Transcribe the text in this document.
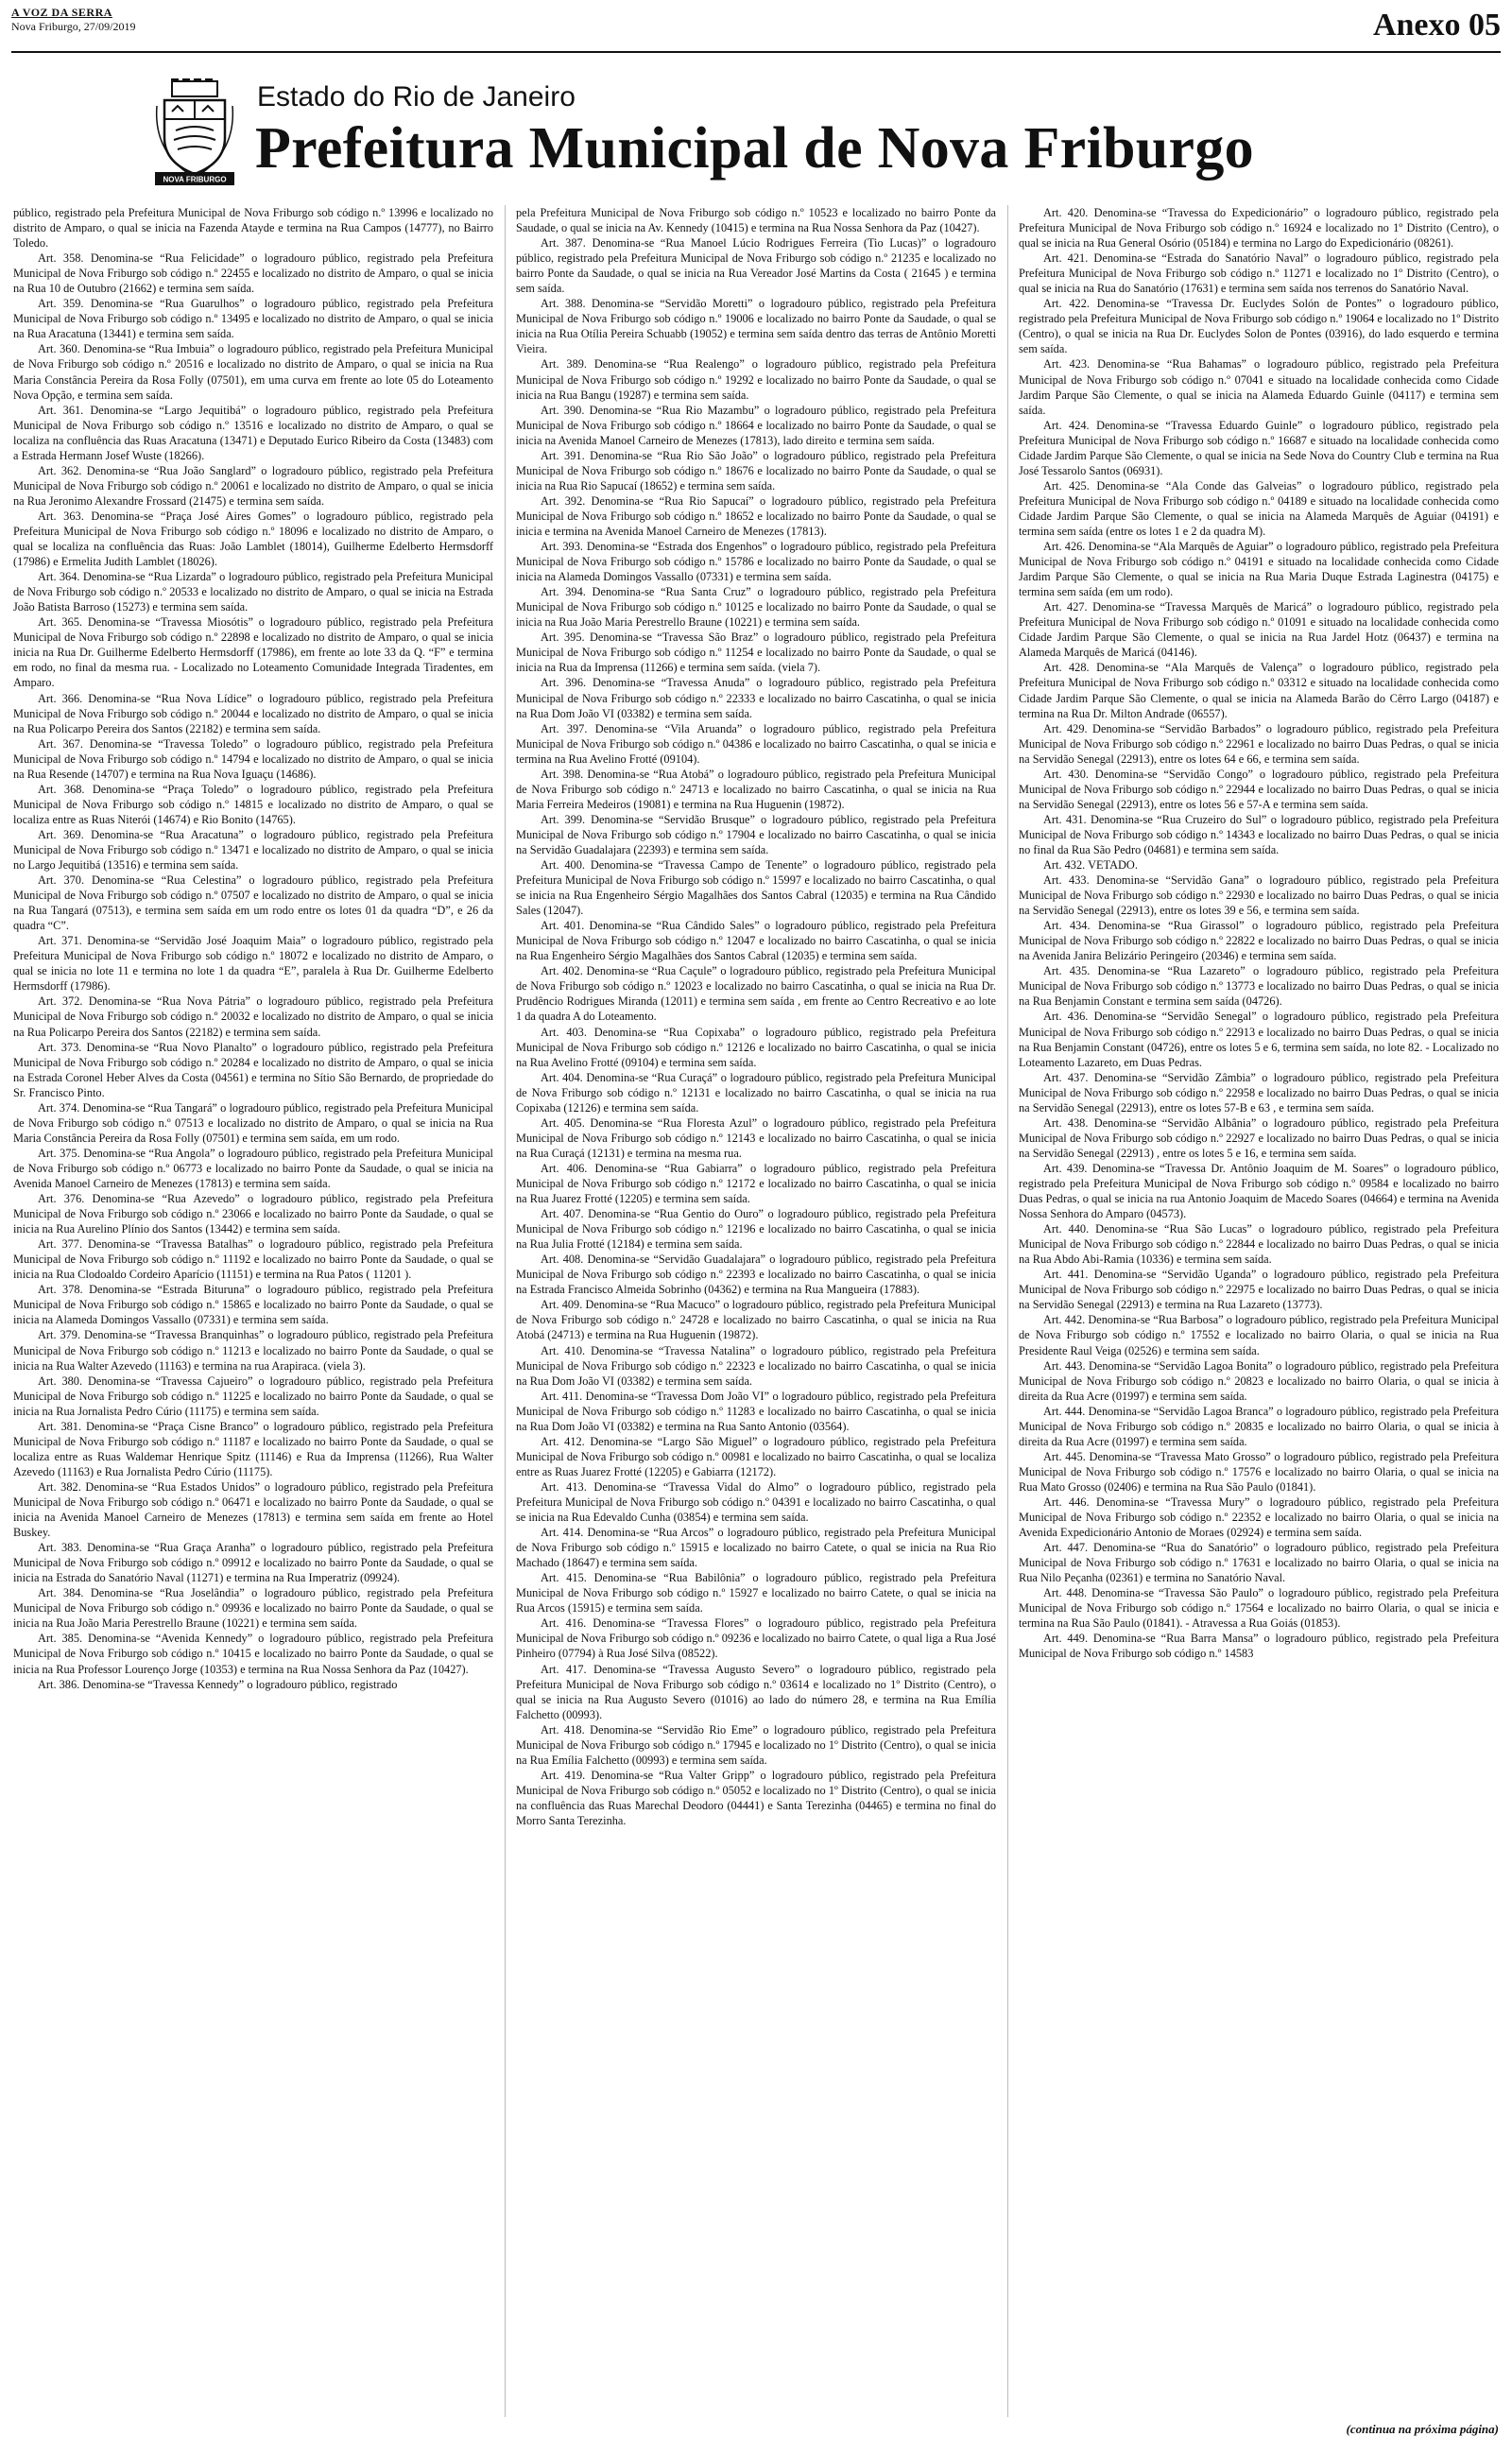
A VOZ DA SERRA
Nova Friburgo, 27/09/2019	Anexo 05
NOVA FRIBURGO
Estado do Rio de Janeiro
Prefeitura Municipal de Nova Friburgo

público, registrado pela Prefeitura Municipal de Nova Friburgo sob código n.º 13996 e localizado no distrito de Amparo, o qual se inicia na Fazenda Atayde e termina na Rua Campos (14777), no Bairro Toledo.

Art. 358. Denomina-se “Rua Felicidade” o logradouro público, registrado pela Prefeitura Municipal de Nova Friburgo sob código n.º 22455 e localizado no distrito de Amparo, o qual se inicia na Rua 10 de Outubro (21662) e termina sem saída.

Art. 359. Denomina-se “Rua Guarulhos” o logradouro público, registrado pela Prefeitura Municipal de Nova Friburgo sob código n.º 13495 e localizado no distrito de Amparo, o qual se inicia na Rua Aracatuna (13441) e termina sem saída.

Art. 360. Denomina-se “Rua Imbuia” o logradouro público, registrado pela Prefeitura Municipal de Nova Friburgo sob código n.º 20516 e localizado no distrito de Amparo, o qual se inicia na Rua Maria Constância Pereira da Rosa Folly (07501), em uma curva em frente ao lote 05 do Loteamento Nova Opção, e termina sem saída.

Art. 361. Denomina-se “Largo Jequitibá” o logradouro público, registrado pela Prefeitura Municipal de Nova Friburgo sob código n.º 13516 e localizado no distrito de Amparo, o qual se localiza na confluência das Ruas Aracatuna (13471) e Deputado Eurico Ribeiro da Costa (13483) com a Estrada Hermann Josef Wuste (18266).

Art. 362. Denomina-se “Rua João Sanglard” o logradouro público, registrado pela Prefeitura Municipal de Nova Friburgo sob código n.º 20061 e localizado no distrito de Amparo, o qual se inicia na Rua Jeronimo Alexandre Frossard (21475) e termina sem saída.

Art. 363. Denomina-se “Praça José Aires Gomes” o logradouro público, registrado pela Prefeitura Municipal de Nova Friburgo sob código n.º 18096 e localizado no distrito de Amparo, o qual se localiza na confluência das Ruas: João Lamblet (18014), Guilherme Edelberto Hermsdorff (17986) e Ermelita Judith Lamblet (18026).

Art. 364. Denomina-se “Rua Lizarda” o logradouro público, registrado pela Prefeitura Municipal de Nova Friburgo sob código n.º 20533 e localizado no distrito de Amparo, o qual se inicia na Estrada João Batista Barroso (15273) e termina sem saída.

Art. 365. Denomina-se “Travessa Miosótis” o logradouro público, registrado pela Prefeitura Municipal de Nova Friburgo sob código n.º 22898 e localizado no distrito de Amparo, o qual se inicia inicia na Rua Dr. Guilherme Edelberto Hermsdorff (17986), em frente ao lote 33 da Q. “F” e termina em rodo, no final da mesma rua. - Localizado no Loteamento Comunidade Integrada Tiradentes, em Amparo.

Art. 366. Denomina-se “Rua Nova Lídice” o logradouro público, registrado pela Prefeitura Municipal de Nova Friburgo sob código n.º 20044 e localizado no distrito de Amparo, o qual se inicia na Rua Policarpo Pereira dos Santos (22182) e termina sem saída.

Art. 367. Denomina-se “Travessa Toledo” o logradouro público, registrado pela Prefeitura Municipal de Nova Friburgo sob código n.º 14794 e localizado no distrito de Amparo, o qual se inicia na Rua Resende (14707) e termina na Rua Nova Iguaçu (14686).

Art. 368. Denomina-se “Praça Toledo” o logradouro público, registrado pela Prefeitura Municipal de Nova Friburgo sob código n.º 14815 e localizado no distrito de Amparo, o qual se localiza entre as Ruas Niterói (14674) e Rio Bonito (14765).

Art. 369. Denomina-se “Rua Aracatuna” o logradouro público, registrado pela Prefeitura Municipal de Nova Friburgo sob código n.º 13471 e localizado no distrito de Amparo, o qual se inicia no Largo Jequitibá (13516) e termina sem saída.

Art. 370. Denomina-se “Rua Celestina” o logradouro público, registrado pela Prefeitura Municipal de Nova Friburgo sob código n.º 07507 e localizado no distrito de Amparo, o qual se inicia na Rua Tangará (07513), e termina sem saída em um rodo entre os lotes 01 da quadra “D”, e 26 da quadra “C”.

Art. 371. Denomina-se “Servidão José Joaquim Maia” o logradouro público, registrado pela Prefeitura Municipal de Nova Friburgo sob código n.º 18072 e localizado no distrito de Amparo, o qual se inicia no lote 11 e termina no lote 1 da quadra “E”, paralela à Rua Dr. Guilherme Edelberto Hermsdorff (17986).

Art. 372. Denomina-se “Rua Nova Pátria” o logradouro público, registrado pela Prefeitura Municipal de Nova Friburgo sob código n.º 20032 e localizado no distrito de Amparo, o qual se inicia na Rua Policarpo Pereira dos Santos (22182) e termina sem saída.

Art. 373. Denomina-se “Rua Novo Planalto” o logradouro público, registrado pela Prefeitura Municipal de Nova Friburgo sob código n.º 20284 e localizado no distrito de Amparo, o qual se inicia na Estrada Coronel Heber Alves da Costa (04561) e termina no Sítio São Bernardo, de propriedade do Sr. Francisco Pinto.

Art. 374. Denomina-se “Rua Tangará” o logradouro público, registrado pela Prefeitura Municipal de Nova Friburgo sob código n.º 07513 e localizado no distrito de Amparo, o qual se inicia na Rua Maria Constância Pereira da Rosa Folly (07501) e termina sem saída, em um rodo.

Art. 375. Denomina-se “Rua Angola” o logradouro público, registrado pela Prefeitura Municipal de Nova Friburgo sob código n.º 06773 e localizado no bairro Ponte da Saudade, o qual se inicia na Avenida Manoel Carneiro de Menezes (17813) e termina sem saída.

Art. 376. Denomina-se “Rua Azevedo” o logradouro público, registrado pela Prefeitura Municipal de Nova Friburgo sob código n.º 23066 e localizado no bairro Ponte da Saudade, o qual se inicia na Rua Aurelino Plínio dos Santos (13442) e termina sem saída.

Art. 377. Denomina-se “Travessa Batalhas” o logradouro público, registrado pela Prefeitura Municipal de Nova Friburgo sob código n.º 11192 e localizado no bairro Ponte da Saudade, o qual se inicia na Rua Clodoaldo Cordeiro Aparício (11151) e termina na Rua Patos ( 11201 ).

Art. 378. Denomina-se “Estrada Bituruna” o logradouro público, registrado pela Prefeitura Municipal de Nova Friburgo sob código n.º 15865 e localizado no bairro Ponte da Saudade, o qual se inicia na Alameda Domingos Vassallo (07331) e termina sem saída.

Art. 379. Denomina-se “Travessa Branquinhas” o logradouro público, registrado pela Prefeitura Municipal de Nova Friburgo sob código n.º 11213 e localizado no bairro Ponte da Saudade, o qual se inicia na Rua Walter Azevedo (11163) e termina na rua Arapiraca. (viela 3).

Art. 380. Denomina-se “Travessa Cajueiro” o logradouro público, registrado pela Prefeitura Municipal de Nova Friburgo sob código n.º 11225 e localizado no bairro Ponte da Saudade, o qual se inicia na Rua Jornalista Pedro Cúrio (11175) e termina sem saída.

Art. 381. Denomina-se “Praça Cisne Branco” o logradouro público, registrado pela Prefeitura Municipal de Nova Friburgo sob código n.º 11187 e localizado no bairro Ponte da Saudade, o qual se localiza entre as Ruas Waldemar Henrique Spitz (11146) e Rua da Imprensa (11266), Rua Walter Azevedo (11163) e Rua Jornalista Pedro Cúrio (11175).

Art. 382. Denomina-se “Rua Estados Unidos” o logradouro público, registrado pela Prefeitura Municipal de Nova Friburgo sob código n.º 06471 e localizado no bairro Ponte da Saudade, o qual se inicia na Avenida Manoel Carneiro de Menezes (17813) e termina sem saída em frente ao Hotel Buskey.

Art. 383. Denomina-se “Rua Graça Aranha” o logradouro público, registrado pela Prefeitura Municipal de Nova Friburgo sob código n.º 09912 e localizado no bairro Ponte da Saudade, o qual se inicia na Estrada do Sanatório Naval (11271) e termina na Rua Imperatriz (09924).

Art. 384. Denomina-se “Rua Joselândia” o logradouro público, registrado pela Prefeitura Municipal de Nova Friburgo sob código n.º 09936 e localizado no bairro Ponte da Saudade, o qual se inicia na Rua João Maria Perestrello Braune (10221) e termina sem saída.

Art. 385. Denomina-se “Avenida Kennedy” o logradouro público, registrado pela Prefeitura Municipal de Nova Friburgo sob código n.º 10415 e localizado no bairro Ponte da Saudade, o qual se inicia na Rua Professor Lourenço Jorge (10353) e termina na Rua Nossa Senhora da Paz (10427).

Art. 386. Denomina-se “Travessa Kennedy” o logradouro público, registrado

pela Prefeitura Municipal de Nova Friburgo sob código n.º 10523 e localizado no bairro Ponte da Saudade, o qual se inicia na Av. Kennedy (10415) e termina na Rua Nossa Senhora da Paz (10427).

Art. 387. Denomina-se “Rua Manoel Lúcio Rodrigues Ferreira (Tio Lucas)” o logradouro público, registrado pela Prefeitura Municipal de Nova Friburgo sob código n.º 21235 e localizado no bairro Ponte da Saudade, o qual se inicia na Rua Vereador José Martins da Costa ( 21645 ) e termina sem saída.

Art. 388. Denomina-se “Servidão Moretti” o logradouro público, registrado pela Prefeitura Municipal de Nova Friburgo sob código n.º 19006 e localizado no bairro Ponte da Saudade, o qual se inicia na Rua Otília Pereira Schuabb (19052) e termina sem saída dentro das terras de Antônio Moretti Vieira.

Art. 389. Denomina-se “Rua Realengo” o logradouro público, registrado pela Prefeitura Municipal de Nova Friburgo sob código n.º 19292 e localizado no bairro Ponte da Saudade, o qual se inicia na Rua Bangu (19287) e termina sem saída.

Art. 390. Denomina-se “Rua Rio Mazambu” o logradouro público, registrado pela Prefeitura Municipal de Nova Friburgo sob código n.º 18664 e localizado no bairro Ponte da Saudade, o qual se inicia na Avenida Manoel Carneiro de Menezes (17813), lado direito e termina sem saída.

Art. 391. Denomina-se “Rua Rio São João” o logradouro público, registrado pela Prefeitura Municipal de Nova Friburgo sob código n.º 18676 e localizado no bairro Ponte da Saudade, o qual se inicia na Rua Rio Sapucaí (18652) e termina sem saída.

Art. 392. Denomina-se “Rua Rio Sapucaí” o logradouro público, registrado pela Prefeitura Municipal de Nova Friburgo sob código n.º 18652 e localizado no bairro Ponte da Saudade, o qual se inicia e termina na Avenida Manoel Carneiro de Menezes (17813).

Art. 393. Denomina-se “Estrada dos Engenhos” o logradouro público, registrado pela Prefeitura Municipal de Nova Friburgo sob código n.º 15786 e localizado no bairro Ponte da Saudade, o qual se inicia na Alameda Domingos Vassallo (07331) e termina sem saída.

Art. 394. Denomina-se “Rua Santa Cruz” o logradouro público, registrado pela Prefeitura Municipal de Nova Friburgo sob código n.º 10125 e localizado no bairro Ponte da Saudade, o qual se inicia na Rua João Maria Perestrello Braune (10221) e termina sem saída.

Art. 395. Denomina-se “Travessa São Braz” o logradouro público, registrado pela Prefeitura Municipal de Nova Friburgo sob código n.º 11254 e localizado no bairro Ponte da Saudade, o qual se inicia na Rua da Imprensa (11266) e termina sem saída. (viela 7).

Art. 396. Denomina-se “Travessa Anuda” o logradouro público, registrado pela Prefeitura Municipal de Nova Friburgo sob código n.º 22333 e localizado no bairro Cascatinha, o qual se inicia na Rua Dom João VI (03382) e termina sem saída.

Art. 397. Denomina-se “Vila Aruanda” o logradouro público, registrado pela Prefeitura Municipal de Nova Friburgo sob código n.º 04386 e localizado no bairro Cascatinha, o qual se inicia e termina na Rua Avelino Frotté (09104).

Art. 398. Denomina-se “Rua Atobá” o logradouro público, registrado pela Prefeitura Municipal de Nova Friburgo sob código n.º 24713 e localizado no bairro Cascatinha, o qual se inicia na Rua Maria Ferreira Medeiros (19081) e termina na Rua Huguenin (19872).

Art. 399. Denomina-se “Servidão Brusque” o logradouro público, registrado pela Prefeitura Municipal de Nova Friburgo sob código n.º 17904 e localizado no bairro Cascatinha, o qual se inicia na Servidão Guadalajara (22393) e termina sem saída.

Art. 400. Denomina-se “Travessa Campo de Tenente” o logradouro público, registrado pela Prefeitura Municipal de Nova Friburgo sob código n.º 15997 e localizado no bairro Cascatinha, o qual se inicia na Rua Engenheiro Sérgio Magalhães dos Santos Cabral (12035) e termina na Rua Cândido Sales (12047).

Art. 401. Denomina-se “Rua Cândido Sales” o logradouro público, registrado pela Prefeitura Municipal de Nova Friburgo sob código n.º 12047 e localizado no bairro Cascatinha, o qual se inicia na Rua Engenheiro Sérgio Magalhães dos Santos Cabral (12035) e termina sem saída.

Art. 402. Denomina-se “Rua Caçule” o logradouro público, registrado pela Prefeitura Municipal de Nova Friburgo sob código n.º 12023 e localizado no bairro Cascatinha, o qual se inicia na Rua Dr. Prudêncio Rodrigues Miranda (12011) e termina sem saída , em frente ao Centro Recreativo e ao lote 1 da quadra A do Loteamento.

Art. 403. Denomina-se “Rua Copixaba” o logradouro público, registrado pela Prefeitura Municipal de Nova Friburgo sob código n.º 12126 e localizado no bairro Cascatinha, o qual se inicia na Rua Avelino Frotté (09104) e termina sem saída.

Art. 404. Denomina-se “Rua Curaçá” o logradouro público, registrado pela Prefeitura Municipal de Nova Friburgo sob código n.º 12131 e localizado no bairro Cascatinha, o qual se inicia na rua Copixaba (12126) e termina sem saída.

Art. 405. Denomina-se “Rua Floresta Azul” o logradouro público, registrado pela Prefeitura Municipal de Nova Friburgo sob código n.º 12143 e localizado no bairro Cascatinha, o qual se inicia na Rua Curaçá (12131) e termina na mesma rua.

Art. 406. Denomina-se “Rua Gabiarra” o logradouro público, registrado pela Prefeitura Municipal de Nova Friburgo sob código n.º 12172 e localizado no bairro Cascatinha, o qual se inicia na Rua Juarez Frotté (12205) e termina sem saída.

Art. 407. Denomina-se “Rua Gentio do Ouro” o logradouro público, registrado pela Prefeitura Municipal de Nova Friburgo sob código n.º 12196 e localizado no bairro Cascatinha, o qual se inicia na Rua Julia Frotté (12184) e termina sem saída.

Art. 408. Denomina-se “Servidão Guadalajara” o logradouro público, registrado pela Prefeitura Municipal de Nova Friburgo sob código n.º 22393 e localizado no bairro Cascatinha, o qual se inicia na Estrada Francisco Almeida Sobrinho (04362) e termina na Rua Mangueira (17883).

Art. 409. Denomina-se “Rua Macuco” o logradouro público, registrado pela Prefeitura Municipal de Nova Friburgo sob código n.º 24728 e localizado no bairro Cascatinha, o qual se inicia na Rua Atobá (24713) e termina na Rua Huguenin (19872).

Art. 410. Denomina-se “Travessa Natalina” o logradouro público, registrado pela Prefeitura Municipal de Nova Friburgo sob código n.º 22323 e localizado no bairro Cascatinha, o qual se inicia na Rua Dom João VI (03382) e termina sem saída.

Art. 411. Denomina-se “Travessa Dom João VI” o logradouro público, registrado pela Prefeitura Municipal de Nova Friburgo sob código n.º 11283 e localizado no bairro Cascatinha, o qual se inicia na Rua Dom João VI (03382) e termina na Rua Santo Antonio (03564).

Art. 412. Denomina-se “Largo São Miguel” o logradouro público, registrado pela Prefeitura Municipal de Nova Friburgo sob código n.º 00981 e localizado no bairro Cascatinha, o qual se localiza entre as Ruas Juarez Frotté (12205) e Gabiarra (12172).

Art. 413. Denomina-se “Travessa Vidal do Almo” o logradouro público, registrado pela Prefeitura Municipal de Nova Friburgo sob código n.º 04391 e localizado no bairro Cascatinha, o qual se inicia na Rua Edevaldo Cunha (03854) e termina sem saída.

Art. 414. Denomina-se “Rua Arcos” o logradouro público, registrado pela Prefeitura Municipal de Nova Friburgo sob código n.º 15915 e localizado no bairro Catete, o qual se inicia na Rua Rio Machado (18647) e termina sem saída.

Art. 415. Denomina-se “Rua Babilônia” o logradouro público, registrado pela Prefeitura Municipal de Nova Friburgo sob código n.º 15927 e localizado no bairro Catete, o qual se inicia na Rua Arcos (15915) e termina sem saída.

Art. 416. Denomina-se “Travessa Flores” o logradouro público, registrado pela Prefeitura Municipal de Nova Friburgo sob código n.º 09236 e localizado no bairro Catete, o qual liga a Rua José Pinheiro (07794) à Rua José Silva (08522).

Art. 417. Denomina-se “Travessa Augusto Severo” o logradouro público, registrado pela Prefeitura Municipal de Nova Friburgo sob código n.º 03614 e localizado no 1º Distrito (Centro), o qual se inicia na Rua Augusto Severo (01016) ao lado do número 28, e termina na Rua Emília Falchetto (00993).

Art. 418. Denomina-se “Servidão Rio Eme” o logradouro público, registrado pela Prefeitura Municipal de Nova Friburgo sob código n.º 17945 e localizado no 1º Distrito (Centro), o qual se inicia na Rua Emília Falchetto (00993) e termina sem saída.

Art. 419. Denomina-se “Rua Valter Gripp” o logradouro público, registrado pela Prefeitura Municipal de Nova Friburgo sob código n.º 05052 e localizado no 1º Distrito (Centro), o qual se inicia na confluência das Ruas Marechal Deodoro (04441) e Santa Terezinha (04465) e termina no final do Morro Santa Terezinha.

Art. 420. Denomina-se “Travessa do Expedicionário” o logradouro público, registrado pela Prefeitura Municipal de Nova Friburgo sob código n.º 16924 e localizado no 1º Distrito (Centro), o qual se inicia na Rua General Osório (05184) e termina no Largo do Expedicionário (08261).

Art. 421. Denomina-se “Estrada do Sanatório Naval” o logradouro público, registrado pela Prefeitura Municipal de Nova Friburgo sob código n.º 11271 e localizado no 1º Distrito (Centro), o qual se inicia na Rua do Sanatório (17631) e termina sem saída nos terrenos do Sanatório Naval.

Art. 422. Denomina-se “Travessa Dr. Euclydes Solón de Pontes” o logradouro público, registrado pela Prefeitura Municipal de Nova Friburgo sob código n.º 19064 e localizado no 1º Distrito (Centro), o qual se inicia na Rua Dr. Euclydes Solon de Pontes (03916), do lado esquerdo e termina sem saída.

Art. 423. Denomina-se “Rua Bahamas” o logradouro público, registrado pela Prefeitura Municipal de Nova Friburgo sob código n.º 07041 e situado na localidade conhecida como Cidade Jardim Parque São Clemente, o qual se inicia na Alameda Eduardo Guinle (04117) e termina sem saída.

Art. 424. Denomina-se “Travessa Eduardo Guinle” o logradouro público, registrado pela Prefeitura Municipal de Nova Friburgo sob código n.º 16687 e situado na localidade conhecida como Cidade Jardim Parque São Clemente, o qual se inicia na Sede Nova do Country Club e termina na Rua José Tessarolo Santos (06931).

Art. 425. Denomina-se “Ala Conde das Galveias” o logradouro público, registrado pela Prefeitura Municipal de Nova Friburgo sob código n.º 04189 e situado na localidade conhecida como Cidade Jardim Parque São Clemente, o qual se inicia na Alameda Marquês de Aguiar (04191) e termina sem saída (entre os lotes 1 e 2 da quadra M).

Art. 426. Denomina-se “Ala Marquês de Aguiar” o logradouro público, registrado pela Prefeitura Municipal de Nova Friburgo sob código n.º 04191 e situado na localidade conhecida como Cidade Jardim Parque São Clemente, o qual se inicia na Rua Maria Duque Estrada Laginestra (04175) e termina sem saída (em um rodo).

Art. 427. Denomina-se “Travessa Marquês de Maricá” o logradouro público, registrado pela Prefeitura Municipal de Nova Friburgo sob código n.º 01091 e situado na localidade conhecida como Cidade Jardim Parque São Clemente, o qual se inicia na Rua Jardel Hotz (06437) e termina na Alameda Marquês de Maricá (04146).

Art. 428. Denomina-se “Ala Marquês de Valença” o logradouro público, registrado pela Prefeitura Municipal de Nova Friburgo sob código n.º 03312 e situado na localidade conhecida como Cidade Jardim Parque São Clemente, o qual se inicia na Alameda Barão do Cêrro Largo (04187) e termina na Rua Dr. Milton Andrade (06557).

Art. 429. Denomina-se “Servidão Barbados” o logradouro público, registrado pela Prefeitura Municipal de Nova Friburgo sob código n.º 22961 e localizado no bairro Duas Pedras, o qual se inicia na Servidão Senegal (22913), entre os lotes 64 e 66, e termina sem saída.

Art. 430. Denomina-se “Servidão Congo” o logradouro público, registrado pela Prefeitura Municipal de Nova Friburgo sob código n.º 22944 e localizado no bairro Duas Pedras, o qual se inicia na Servidão Senegal (22913), entre os lotes 56 e 57-A e termina sem saída.

Art. 431. Denomina-se “Rua Cruzeiro do Sul” o logradouro público, registrado pela Prefeitura Municipal de Nova Friburgo sob código n.º 14343 e localizado no bairro Duas Pedras, o qual se inicia no final da Rua São Pedro (04681) e termina sem saída.

Art. 432. VETADO.

Art. 433. Denomina-se “Servidão Gana” o logradouro público, registrado pela Prefeitura Municipal de Nova Friburgo sob código n.º 22930 e localizado no bairro Duas Pedras, o qual se inicia na Servidão Senegal (22913), entre os lotes 39 e 56, e termina sem saída.

Art. 434. Denomina-se “Rua Girassol” o logradouro público, registrado pela Prefeitura Municipal de Nova Friburgo sob código n.º 22822 e localizado no bairro Duas Pedras, o qual se inicia na Avenida Janira Belizário Peringeiro (20346) e termina sem saída.

Art. 435. Denomina-se “Rua Lazareto” o logradouro público, registrado pela Prefeitura Municipal de Nova Friburgo sob código n.º 13773 e localizado no bairro Duas Pedras, o qual se inicia na Rua Benjamin Constant e termina sem saída (04726).

Art. 436. Denomina-se “Servidão Senegal” o logradouro público, registrado pela Prefeitura Municipal de Nova Friburgo sob código n.º 22913 e localizado no bairro Duas Pedras, o qual se inicia na Rua Benjamin Constant (04726), entre os lotes 5 e 6, termina sem saída, no lote 82. - Localizado no Loteamento Lazareto, em Duas Pedras.

Art. 437. Denomina-se “Servidão Zâmbia” o logradouro público, registrado pela Prefeitura Municipal de Nova Friburgo sob código n.º 22958 e localizado no bairro Duas Pedras, o qual se inicia na Servidão Senegal (22913), entre os lotes 57-B e 63 , e termina sem saída.

Art. 438. Denomina-se “Servidão Albânia” o logradouro público, registrado pela Prefeitura Municipal de Nova Friburgo sob código n.º 22927 e localizado no bairro Duas Pedras, o qual se inicia na Servidão Senegal (22913) , entre os lotes 5 e 16, e termina sem saída.

Art. 439. Denomina-se “Travessa Dr. Antônio Joaquim de M. Soares” o logradouro público, registrado pela Prefeitura Municipal de Nova Friburgo sob código n.º 09584 e localizado no bairro Duas Pedras, o qual se inicia na rua Antonio Joaquim de Macedo Soares (04664) e termina na Avenida Nossa Senhora do Amparo (04573).

Art. 440. Denomina-se “Rua São Lucas” o logradouro público, registrado pela Prefeitura Municipal de Nova Friburgo sob código n.º 22844 e localizado no bairro Duas Pedras, o qual se inicia na Rua Abdo Abi-Ramia (10336) e termina sem saída.

Art. 441. Denomina-se “Servidão Uganda” o logradouro público, registrado pela Prefeitura Municipal de Nova Friburgo sob código n.º 22975 e localizado no bairro Duas Pedras, o qual se inicia na Servidão Senegal (22913) e termina na Rua Lazareto (13773).

Art. 442. Denomina-se “Rua Barbosa” o logradouro público, registrado pela Prefeitura Municipal de Nova Friburgo sob código n.º 17552 e localizado no bairro Olaria, o qual se inicia na Rua Presidente Raul Veiga (02526) e termina sem saída.

Art. 443. Denomina-se “Servidão Lagoa Bonita” o logradouro público, registrado pela Prefeitura Municipal de Nova Friburgo sob código n.º 20823 e localizado no bairro Olaria, o qual se inicia à direita da Rua Acre (01997) e termina sem saída.

Art. 444. Denomina-se “Servidão Lagoa Branca” o logradouro público, registrado pela Prefeitura Municipal de Nova Friburgo sob código n.º 20835 e localizado no bairro Olaria, o qual se inicia à direita da Rua Acre (01997) e termina sem saída.

Art. 445. Denomina-se “Travessa Mato Grosso” o logradouro público, registrado pela Prefeitura Municipal de Nova Friburgo sob código n.º 17576 e localizado no bairro Olaria, o qual se inicia na Rua Mato Grosso (02406) e termina na Rua São Paulo (01841).

Art. 446. Denomina-se “Travessa Mury” o logradouro público, registrado pela Prefeitura Municipal de Nova Friburgo sob código n.º 22352 e localizado no bairro Olaria, o qual se inicia na Avenida Expedicionário Antonio de Moraes (02924) e termina sem saída.

Art. 447. Denomina-se “Rua do Sanatório” o logradouro público, registrado pela Prefeitura Municipal de Nova Friburgo sob código n.º 17631 e localizado no bairro Olaria, o qual se inicia na Rua Nilo Peçanha (02361) e termina no Sanatório Naval.

Art. 448. Denomina-se “Travessa São Paulo” o logradouro público, registrado pela Prefeitura Municipal de Nova Friburgo sob código n.º 17564 e localizado no bairro Olaria, o qual se inicia e termina na Rua São Paulo (01841). - Atravessa a Rua Goiás (01853).

Art. 449. Denomina-se “Rua Barra Mansa” o logradouro público, registrado pela Prefeitura Municipal de Nova Friburgo sob código n.º 14583

(continua na próxima página)
